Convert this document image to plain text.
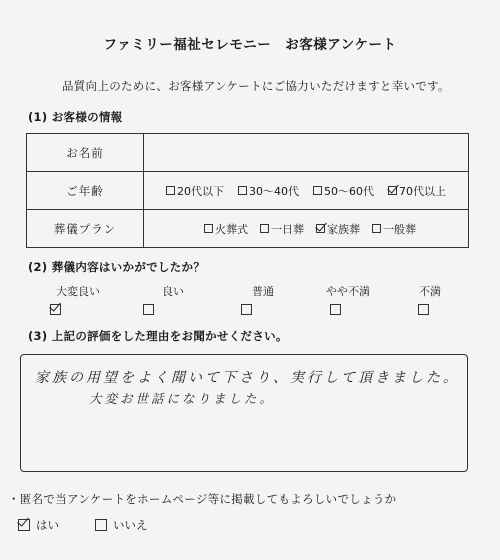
ファミリー福祉セレモニー　お客様アンケート
品質向上のために、お客様アンケートにご協力いただけますと幸いです。
(1) お客様の情報
お名前	
ご年齢	20代以下 30～40代 50～60代 70代以上

葬儀プラン	火葬式 一日葬 家族葬 一般葬
(2) 葬儀内容はいかがでしたか？
大変良い	良い	普通	やや不満	不満
(3) 上記の評価をした理由をお聞かせください。
家族の用望をよく聞いて下さり、実行して頂きました。
大変お世話になりました。
・匿名で当アンケートをホームページ等に掲載してもよろしいでしょうか
はい	いいえ
